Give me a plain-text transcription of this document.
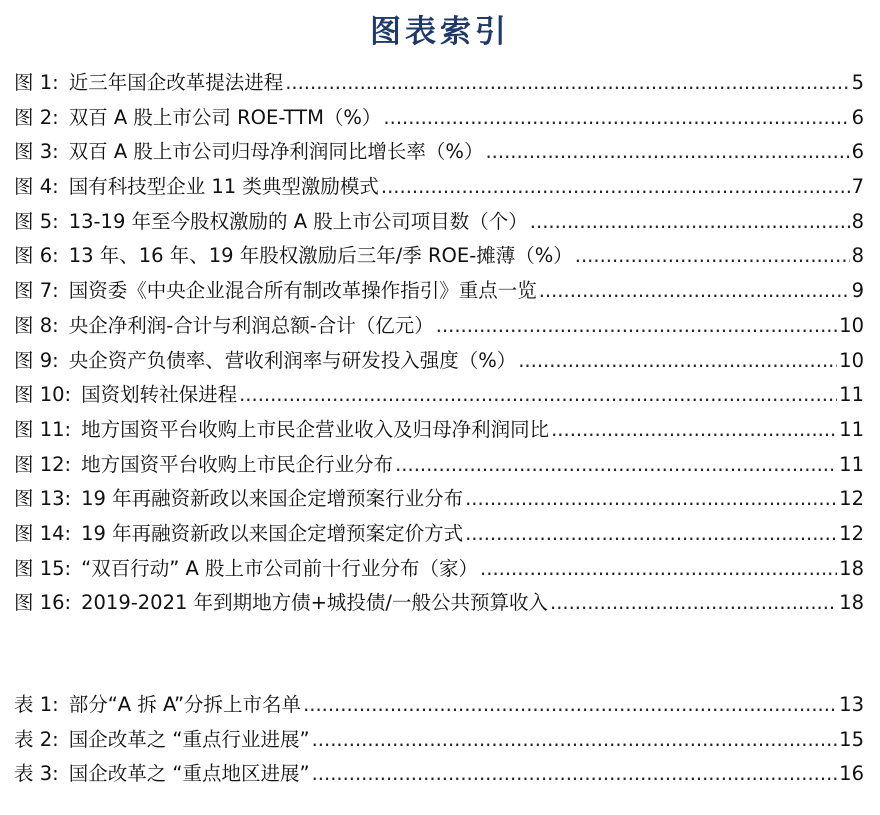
图表索引
图 1: 近三年国企改革提法进程 .....	5
图 2: 双百 A 股上市公司 ROE-TTM（%） .....	6
图 3: 双百 A 股上市公司归母净利润同比增长率（%） .....	6
图 4: 国有科技型企业 11 类典型激励模式 .....	7
图 5: 13-19 年至今股权激励的 A 股上市公司项目数（个） .....	8
图 6: 13 年、16 年、19 年股权激励后三年/季 ROE-摊薄（%） .....	8
图 7: 国资委《中央企业混合所有制改革操作指引》重点一览 .....	9
图 8: 央企净利润-合计与利润总额-合计（亿元） .....	10
图 9: 央企资产负债率、营收利润率与研发投入强度（%） .....	10
图 10: 国资划转社保进程 .....	11
图 11: 地方国资平台收购上市民企营业收入及归母净利润同比 .....	11
图 12: 地方国资平台收购上市民企行业分布 .....	11
图 13: 19 年再融资新政以来国企定增预案行业分布 .....	12
图 14: 19 年再融资新政以来国企定增预案定价方式 .....	12
图 15: “双百行动” A 股上市公司前十行业分布（家） .....	18
图 16: 2019-2021 年到期地方债+城投债/一般公共预算收入 .....	18
表 1: 部分“A 拆 A”分拆上市名单 .....	13
表 2: 国企改革之 “重点行业进展” .....	15
表 3: 国企改革之 “重点地区进展” .....	16
